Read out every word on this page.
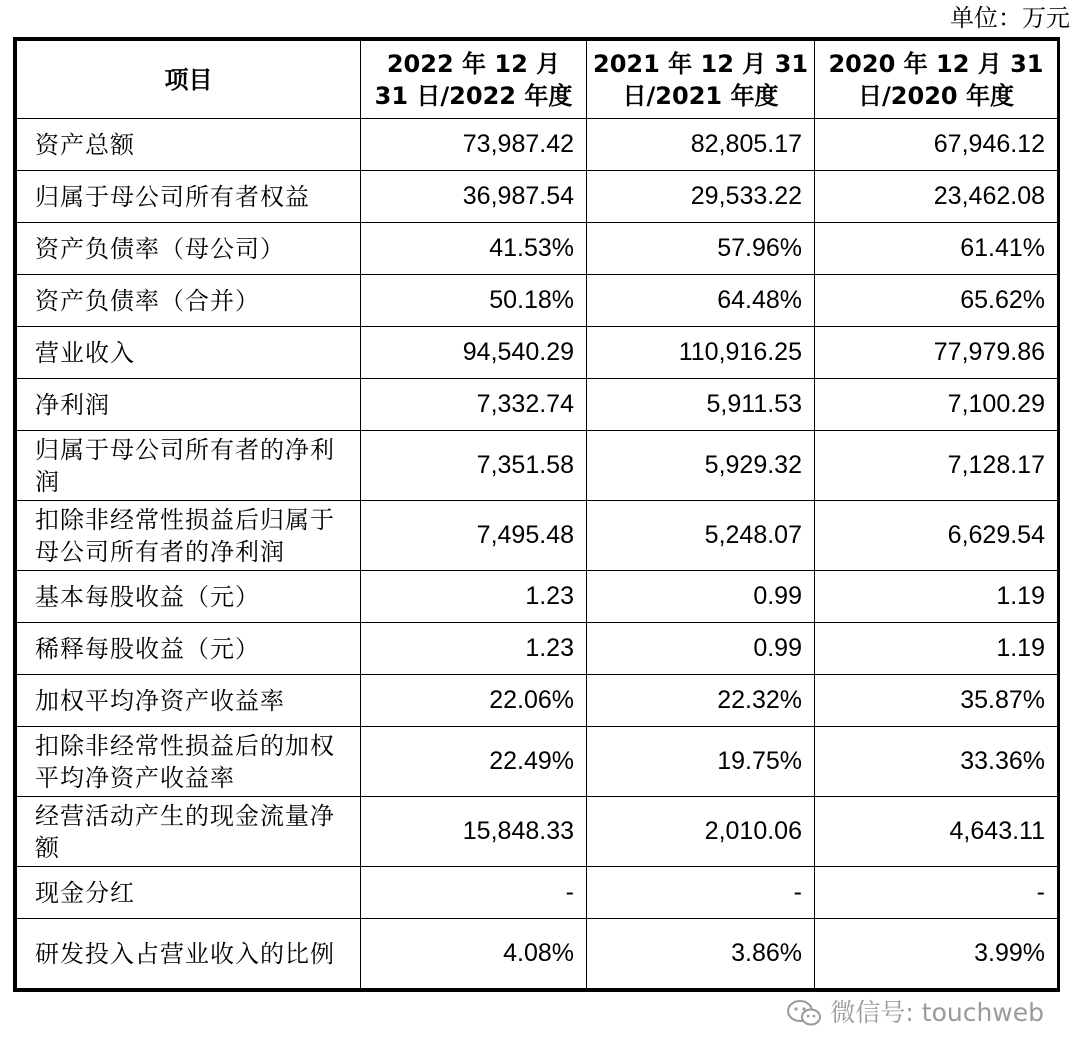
单位：万元
项目	2022 年 12 月 31 日/2022 年度	2021 年 12 月 31 日/2021 年度	2020 年 12 月 31 日/2020 年度

资产总额	73,987.42	82,805.17	67,946.12
归属于母公司所有者权益	36,987.54	29,533.22	23,462.08
资产负债率（母公司）	41.53%	57.96%	61.41%
资产负债率（合并）	50.18%	64.48%	65.62%
营业收入	94,540.29	110,916.25	77,979.86
净利润	7,332.74	5,911.53	7,100.29
归属于母公司所有者的净利润	7,351.58	5,929.32	7,128.17
扣除非经常性损益后归属于母公司所有者的净利润	7,495.48	5,248.07	6,629.54
基本每股收益（元）	1.23	0.99	1.19
稀释每股收益（元）	1.23	0.99	1.19
加权平均净资产收益率	22.06%	22.32%	35.87%
扣除非经常性损益后的加权平均净资产收益率	22.49%	19.75%	33.36%
经营活动产生的现金流量净额	15,848.33	2,010.06	4,643.11
现金分红	-	-	-
研发投入占营业收入的比例	4.08%	3.86%	3.99%
微信号: touchweb
